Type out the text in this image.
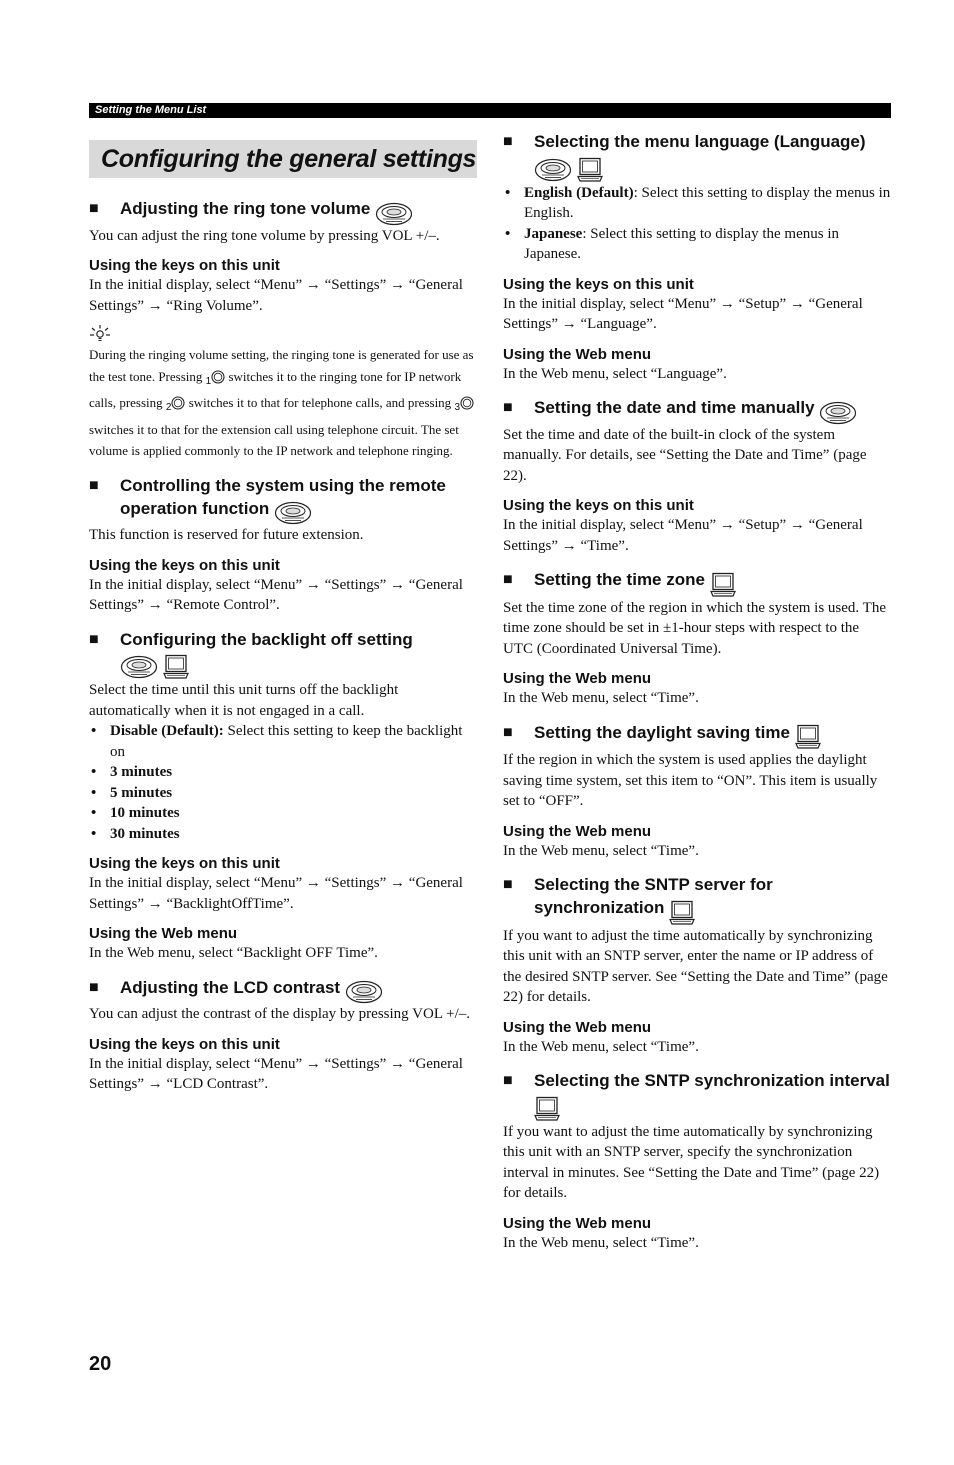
Setting the Menu List
Configuring the general settings
■ Adjusting the ring tone volume

You can adjust the ring tone volume by pressing VOL +/–.

Using the keys on this unit

In the initial display, select “Menu” → “Settings” → “General Settings” → “Ring Volume”.

During the ringing volume setting, the ringing tone is generated for use as the test tone. Pressing 1 switches it to the ringing tone for IP network calls, pressing 2 switches it to that for telephone calls, and pressing 3 switches it to that for the extension call using telephone circuit. The set volume is applied commonly to the IP network and telephone ringing.

■ Controlling the system using the remote operation function

This function is reserved for future extension.

Using the keys on this unit

In the initial display, select “Menu” → “Settings” → “General Settings” → “Remote Control”.

■ Configuring the backlight off setting

Select the time until this unit turns off the backlight automatically when it is not engaged in a call.

• Disable (Default): Select this setting to keep the backlight on
• 3 minutes
• 5 minutes
• 10 minutes
• 30 minutes
Using the keys on this unit

In the initial display, select “Menu” → “Settings” → “General Settings” → “BacklightOffTime”.

Using the Web menu

In the Web menu, select “Backlight OFF Time”.

■ Adjusting the LCD contrast

You can adjust the contrast of the display by pressing VOL +/–.

Using the keys on this unit

In the initial display, select “Menu” → “Settings” → “General Settings” → “LCD Contrast”.

■ Selecting the menu language (Language)
• English (Default): Select this setting to display the menus in English.
• Japanese: Select this setting to display the menus in Japanese.
Using the keys on this unit

In the initial display, select “Menu” → “Setup” → “General Settings” → “Language”.

Using the Web menu

In the Web menu, select “Language”.

■ Setting the date and time manually

Set the time and date of the built-in clock of the system manually. For details, see “Setting the Date and Time” (page 22).

Using the keys on this unit

In the initial display, select “Menu” → “Setup” → “General Settings” → “Time”.

■ Setting the time zone

Set the time zone of the region in which the system is used. The time zone should be set in ±1-hour steps with respect to the UTC (Coordinated Universal Time).

Using the Web menu

In the Web menu, select “Time”.

■ Setting the daylight saving time

If the region in which the system is used applies the daylight saving time system, set this item to “ON”. This item is usually set to “OFF”.

Using the Web menu

In the Web menu, select “Time”.

■ Selecting the SNTP server for synchronization

If you want to adjust the time automatically by synchronizing this unit with an SNTP server, enter the name or IP address of the desired SNTP server. See “Setting the Date and Time” (page 22) for details.

Using the Web menu

In the Web menu, select “Time”.

■ Selecting the SNTP synchronization interval

If you want to adjust the time automatically by synchronizing this unit with an SNTP server, specify the synchronization interval in minutes. See “Setting the Date and Time” (page 22) for details.

Using the Web menu

In the Web menu, select “Time”.

20
